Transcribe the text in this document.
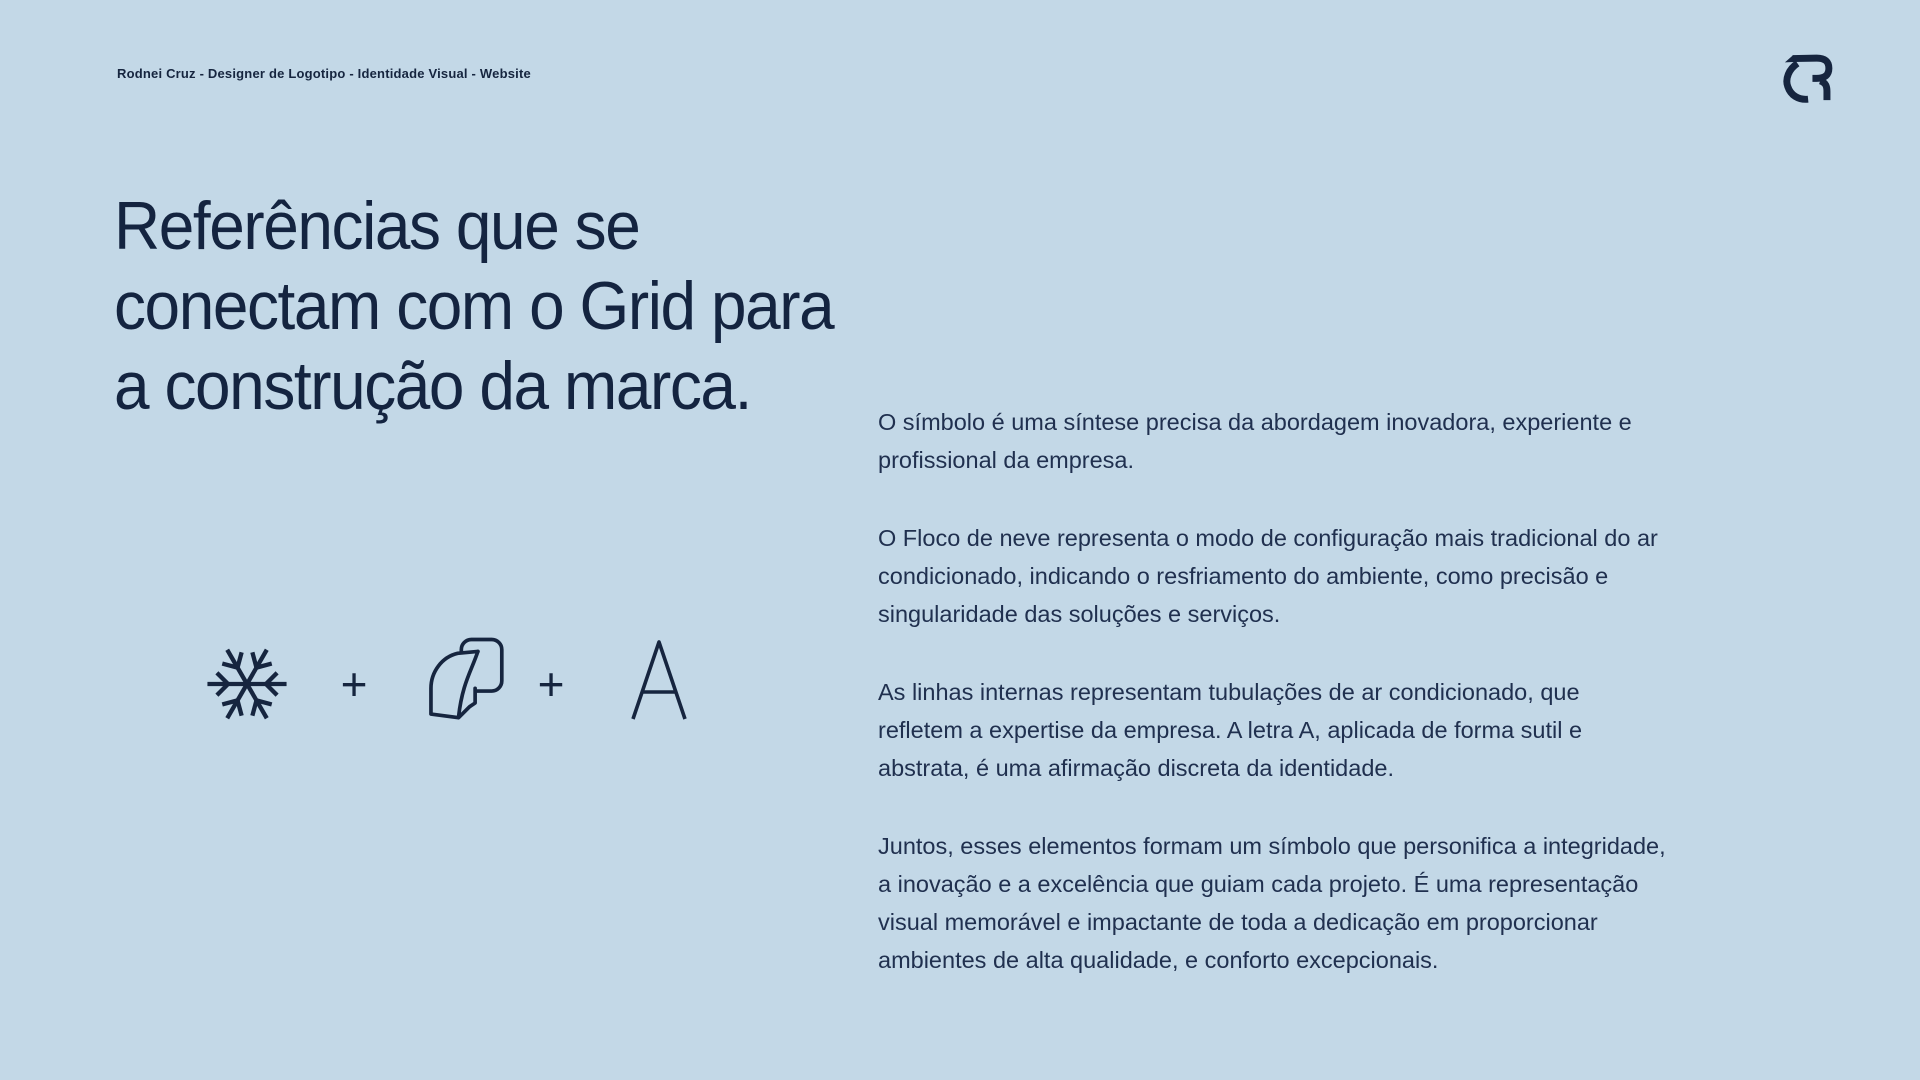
Rodnei Cruz - Designer de Logotipo - Identidade Visual - Website
Referências que se
conectam com o Grid para
a construção da marca.
+	+
O símbolo é uma síntese precisa da abordagem inovadora, experiente e
profissional da empresa.
O Floco de neve representa o modo de configuração mais tradicional do ar
condicionado, indicando o resfriamento do ambiente, como precisão e
singularidade das soluções e serviços.
As linhas internas representam tubulações de ar condicionado, que
refletem a expertise da empresa. A letra A, aplicada de forma sutil e
abstrata, é uma afirmação discreta da identidade.
Juntos, esses elementos formam um símbolo que personifica a integridade,
a inovação e a excelência que guiam cada projeto. É uma representação
visual memorável e impactante de toda a dedicação em proporcionar
ambientes de alta qualidade, e conforto excepcionais.
